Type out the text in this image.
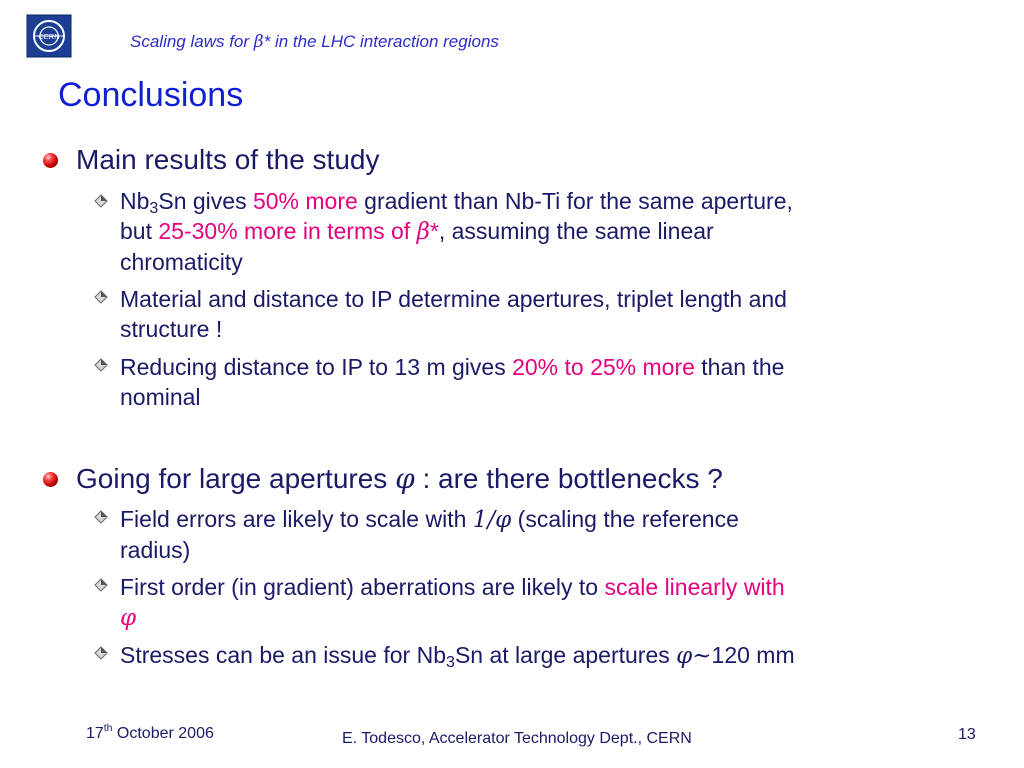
CERN	Scaling laws for β* in the LHC interaction regions
Conclusions
Main results of the study
$Nb_3Sn$ gives 50% more gradient than Nb-Ti for the same aperture,
but 25-30% more in terms of β*, assuming the same linear
chromaticity
Material and distance to IP determine apertures, triplet length and
structure !
Reducing distance to IP to 13 m gives 20% to 25% more than the
nominal
Going for large apertures φ : are there bottlenecks ?
Field errors are likely to scale with 1/φ (scaling the reference
radius)
First order (in gradient) aberrations are likely to scale linearly with
φ
Stresses can be an issue for $Nb_3Sn$ at large apertures φ~120 mm
17th October 2006	E. Todesco, Accelerator Technology Dept., CERN	13
